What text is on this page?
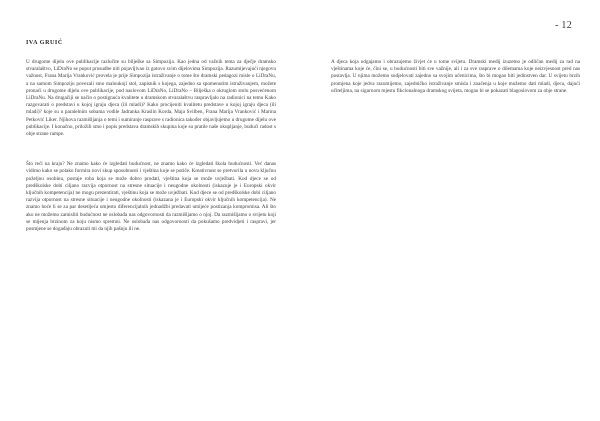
- 12
IVA GRUIĆ

U drugome dijelu ove publikacije razlučite su bilješke sa Simpozija. Kao jedna od važnih tema za dječje dramsko stvaralaštvo, LiDraNo se poput prosudbe niti pojavljivao iz gotovo svim dijelovima Simpozija. Razumijevajući njegovu važnost, Frana Marija Vranković provela je prije Simpozija istraživanje o tome što dramski pedagozi misle o LiDraNu, a na samom Simpoziju povezali smo maloukoji stol, zapisnik s kojega, zajedno sa spomenutim istraživanjem, možete pronaći u drugome dijelu ove publikacije, pod naslovom LiDraNo, LiDraNo – Bilješka o okruglom stolu posvećenom LiDraNu. Na drugačiji se način o postignuća kvalitete u dramskom stvaralaštvu raspravljalo na radionici na temu Kako razgovarati o predstavi u kojoj igraju djeca (ili mladi)? Kako procijeniti kvalitetu predstave u kojoj igraju djeca (ili mladi)? koje su u paralelnim sobama vodile Jadranka Kraslin Korda, Maja Svilben, Frana Marija Vranković i Marina Petković Liker. Njihova razmišljanja o temi i sumiranje rasprave s radionica također objavljujemo u drugome dijelu ove publikacije. I konačno, priložili smo i popis predstava dramskih skupina koje su pratile naše okupljanje, budući radost s obje strane rampe.

Što reći na kraju? Ne znamo kako će izgledati budućnost, ne znamo kako će izgledati škola budućnosti. Već danas vidimo kako se polako formira novi skup sposobnosti i vještina koje se potiče. Kreativnost se pretvorila u novu ključnu poželjnu osobinu, postaje roba koja se može dobro prodati, vještina koja se može uvježbati. Kod djece se od predškolske dobi ciljano razvija otpornost na stresne situacije i neugodne okolnosti (iskazuje je i Europski okvir ključnih kompetencija) ne mogu prezentirati, vještinu koja se može uvježbati. Kod djece se od predškolske dobi ciljano razvija otpornost na stresne situacije i neugodne okolnosti (iskazana je i Europski okvir ključnih kompetencija). Ne znamo hoće li se za par desetljeća umjesto diferencijalnih jednadžbi predavati umijeće postizanja kompromisa. Ali što ako ne možemo zamisliti budućnost ne oslobađa nas odgovornosti da razmišljamo o njoj. Da razmišljamo o svijetu koji se mijenja brzinom za koju nismo spremni. Ne oslobađa nas odgovornosti da pokušamo predvidjeti i raspravi, jer posmjene se događaju obrazuli mi da njih pašnju ili ne.

A djeca koja odgajamo i obrazujemo živjet će u tome svijetu. Dramski medij izuzetno je odličan medij za rad na vještinama koje će, čini se, u budućnosti biti sve važnije, ali i za sve rasprave o dilemama koje neizvjesnost pred nas postavlja. U njima možemo sudjelovati zajedno sa svojim učenicima, što bi mogao biti jedinstven dar. U svijetu brzih promjena koje jedva razumijemo, zajedničko istraživanje smisla i značenja u koje možemo dati mladi, djeca, dajući učiteljima, na sigurnom mjestu fikcionalnoga dramskog svijeta, mogao bi se pokazati blagoslovom za obje strane.
